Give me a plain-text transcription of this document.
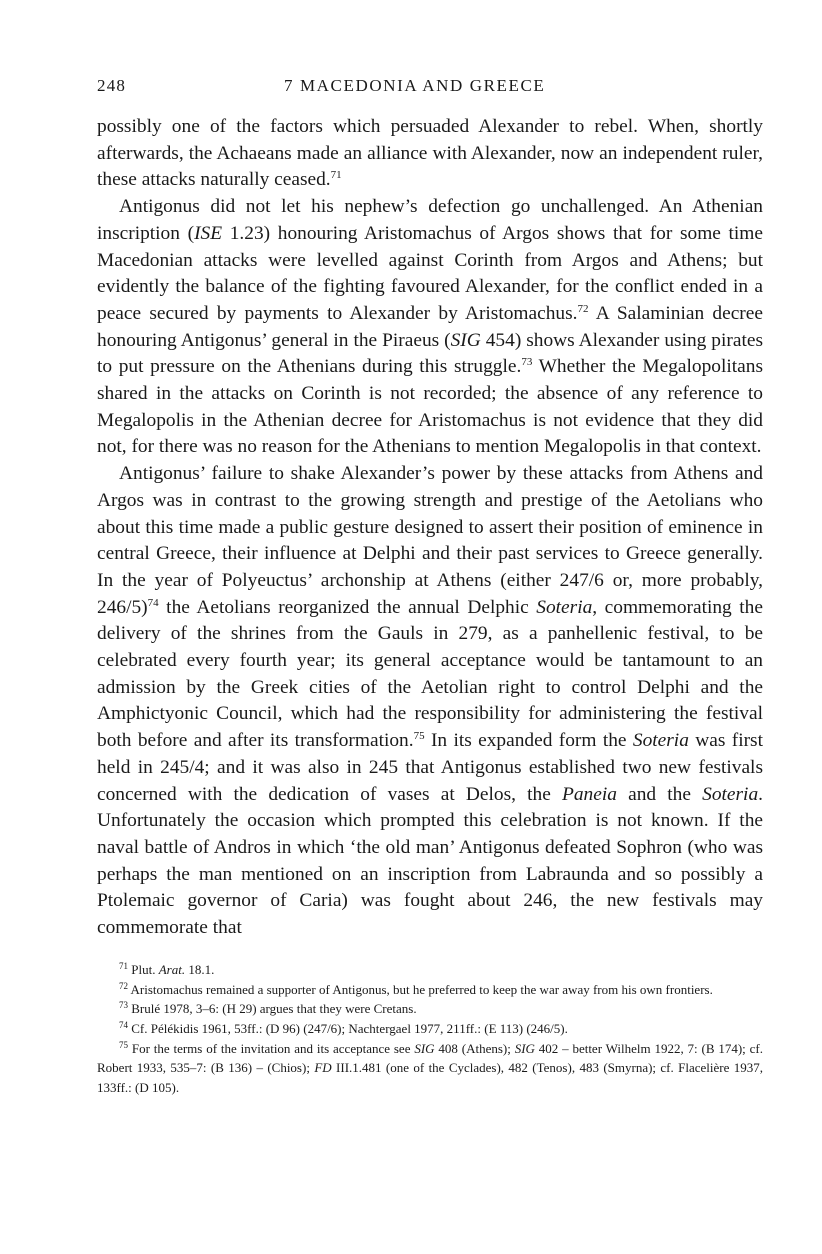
248	7 MACEDONIA AND GREECE

possibly one of the factors which persuaded Alexander to rebel. When, shortly afterwards, the Achaeans made an alliance with Alexander, now an independent ruler, these attacks naturally ceased.$^{71}$

Antigonus did not let his nephew’s defection go unchallenged. An Athenian inscription (ISE 1.23) honouring Aristomachus of Argos shows that for some time Macedonian attacks were levelled against Corinth from Argos and Athens; but evidently the balance of the fighting favoured Alexander, for the conflict ended in a peace secured by payments to Alexander by Aristomachus.$^{72}$ A Salaminian decree honouring Antigonus’ general in the Piraeus (SIG 454) shows Alexander using pirates to put pressure on the Athenians during this struggle.$^{73}$ Whether the Megalopolitans shared in the attacks on Corinth is not recorded; the absence of any reference to Megalopolis in the Athenian decree for Aristomachus is not evidence that they did not, for there was no reason for the Athenians to mention Megalopolis in that context.

Antigonus’ failure to shake Alexander’s power by these attacks from Athens and Argos was in contrast to the growing strength and prestige of the Aetolians who about this time made a public gesture designed to assert their position of eminence in central Greece, their influence at Delphi and their past services to Greece generally. In the year of Polyeuctus’ archonship at Athens (either 247/6 or, more probably, 246/5)$^{74}$ the Aetolians reorganized the annual Delphic Soteria, commemorating the delivery of the shrines from the Gauls in 279, as a panhellenic festival, to be celebrated every fourth year; its general acceptance would be tantamount to an admission by the Greek cities of the Aetolian right to control Delphi and the Amphictyonic Council, which had the responsibility for administering the festival both before and after its transformation.$^{75}$ In its expanded form the Soteria was first held in 245/4; and it was also in 245 that Antigonus established two new festivals concerned with the dedication of vases at Delos, the Paneia and the Soteria. Unfortunately the occasion which prompted this celebration is not known. If the naval battle of Andros in which ‘the old man’ Antigonus defeated Sophron (who was perhaps the man mentioned on an inscription from Labraunda and so possibly a Ptolemaic governor of Caria) was fought about 246, the new festivals may commemorate that

$^{71}$ Plut. Arat. 18.1.

$^{72}$ Aristomachus remained a supporter of Antigonus, but he preferred to keep the war away from his own frontiers.

$^{73}$ Brulé 1978, 3–6: (H 29) argues that they were Cretans.

$^{74}$ Cf. Pélékidis 1961, 53ff.: (D 96) (247/6); Nachtergael 1977, 211ff.: (E 113) (246/5).

$^{75}$ For the terms of the invitation and its acceptance see SIG 408 (Athens); SIG 402 – better Wilhelm 1922, 7: (B 174); cf. Robert 1933, 535–7: (B 136) – (Chios); FD III.1.481 (one of the Cyclades), 482 (Tenos), 483 (Smyrna); cf. Flacelière 1937, 133ff.: (D 105).
